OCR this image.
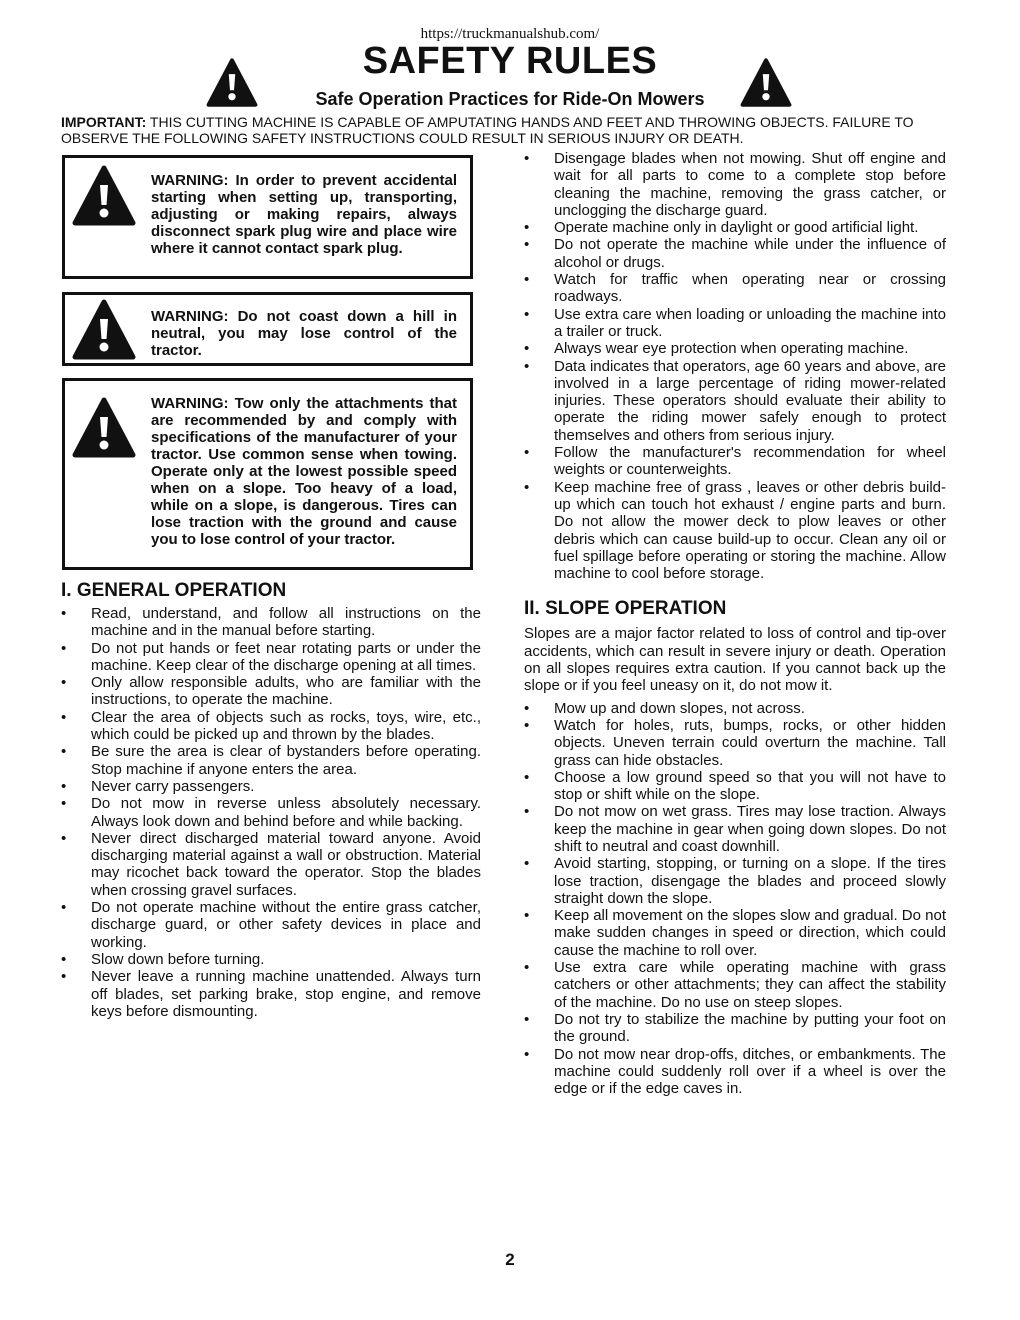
https://truckmanualshub.com/
SAFETY RULES
Safe Operation Practices for Ride-On Mowers
IMPORTANT: THIS CUTTING MACHINE IS CAPABLE OF AMPUTATING HANDS AND FEET AND THROWING OBJECTS. FAILURE TO OBSERVE THE FOLLOWING SAFETY INSTRUCTIONS COULD RESULT IN SERIOUS INJURY OR DEATH.
WARNING: In order to prevent accidental starting when setting up, transporting, adjusting or making repairs, always disconnect spark plug wire and place wire where it cannot contact spark plug.
WARNING: Do not coast down a hill in neutral, you may lose control of the tractor.
WARNING: Tow only the attachments that are recommended by and comply with specifications of the manufacturer of your tractor. Use common sense when towing. Operate only at the lowest possible speed when on a slope. Too heavy of a load, while on a slope, is dangerous. Tires can lose traction with the ground and cause you to lose control of your tractor.
I. GENERAL OPERATION
• Read, understand, and follow all instructions on the machine and in the manual before starting.
• Do not put hands or feet near rotating parts or under the machine. Keep clear of the discharge opening at all times.
• Only allow responsible adults, who are familiar with the instructions, to operate the machine.
• Clear the area of objects such as rocks, toys, wire, etc., which could be picked up and thrown by the blades.
• Be sure the area is clear of bystanders before operating. Stop machine if anyone enters the area.
• Never carry passengers.
• Do not mow in reverse unless absolutely necessary. Always look down and behind before and while backing.
• Never direct discharged material toward anyone. Avoid discharging material against a wall or obstruction. Material may ricochet back toward the operator. Stop the blades when crossing gravel surfaces.
• Do not operate machine without the entire grass catcher, discharge guard, or other safety devices in place and working.
• Slow down before turning.
• Never leave a running machine unattended. Always turn off blades, set parking brake, stop engine, and remove keys before dismounting.
• Disengage blades when not mowing. Shut off engine and wait for all parts to come to a complete stop before cleaning the machine, removing the grass catcher, or unclogging the discharge guard.
• Operate machine only in daylight or good artificial light.
• Do not operate the machine while under the influence of alcohol or drugs.
• Watch for traffic when operating near or crossing roadways.
• Use extra care when loading or unloading the machine into a trailer or truck.
• Always wear eye protection when operating machine.
• Data indicates that operators, age 60 years and above, are involved in a large percentage of riding mower-related injuries. These operators should evaluate their ability to operate the riding mower safely enough to protect themselves and others from serious injury.
• Follow the manufacturer's recommendation for wheel weights or counterweights.
• Keep machine free of grass , leaves or other debris build-up which can touch hot exhaust / engine parts and burn. Do not allow the mower deck to plow leaves or other debris which can cause build-up to occur. Clean any oil or fuel spillage before operating or storing the machine. Allow machine to cool before storage.
II. SLOPE OPERATION
Slopes are a major factor related to loss of control and tip-over accidents, which can result in severe injury or death. Operation on all slopes requires extra caution. If you cannot back up the slope or if you feel uneasy on it, do not mow it.
• Mow up and down slopes, not across.
• Watch for holes, ruts, bumps, rocks, or other hidden objects. Uneven terrain could overturn the machine. Tall grass can hide obstacles.
• Choose a low ground speed so that you will not have to stop or shift while on the slope.
• Do not mow on wet grass. Tires may lose traction. Always keep the machine in gear when going down slopes. Do not shift to neutral and coast downhill.
• Avoid starting, stopping, or turning on a slope. If the tires lose traction, disengage the blades and proceed slowly straight down the slope.
• Keep all movement on the slopes slow and gradual. Do not make sudden changes in speed or direction, which could cause the machine to roll over.
• Use extra care while operating machine with grass catchers or other attachments; they can affect the stability of the machine. Do no use on steep slopes.
• Do not try to stabilize the machine by putting your foot on the ground.
• Do not mow near drop-offs, ditches, or embankments. The machine could suddenly roll over if a wheel is over the edge or if the edge caves in.
2
